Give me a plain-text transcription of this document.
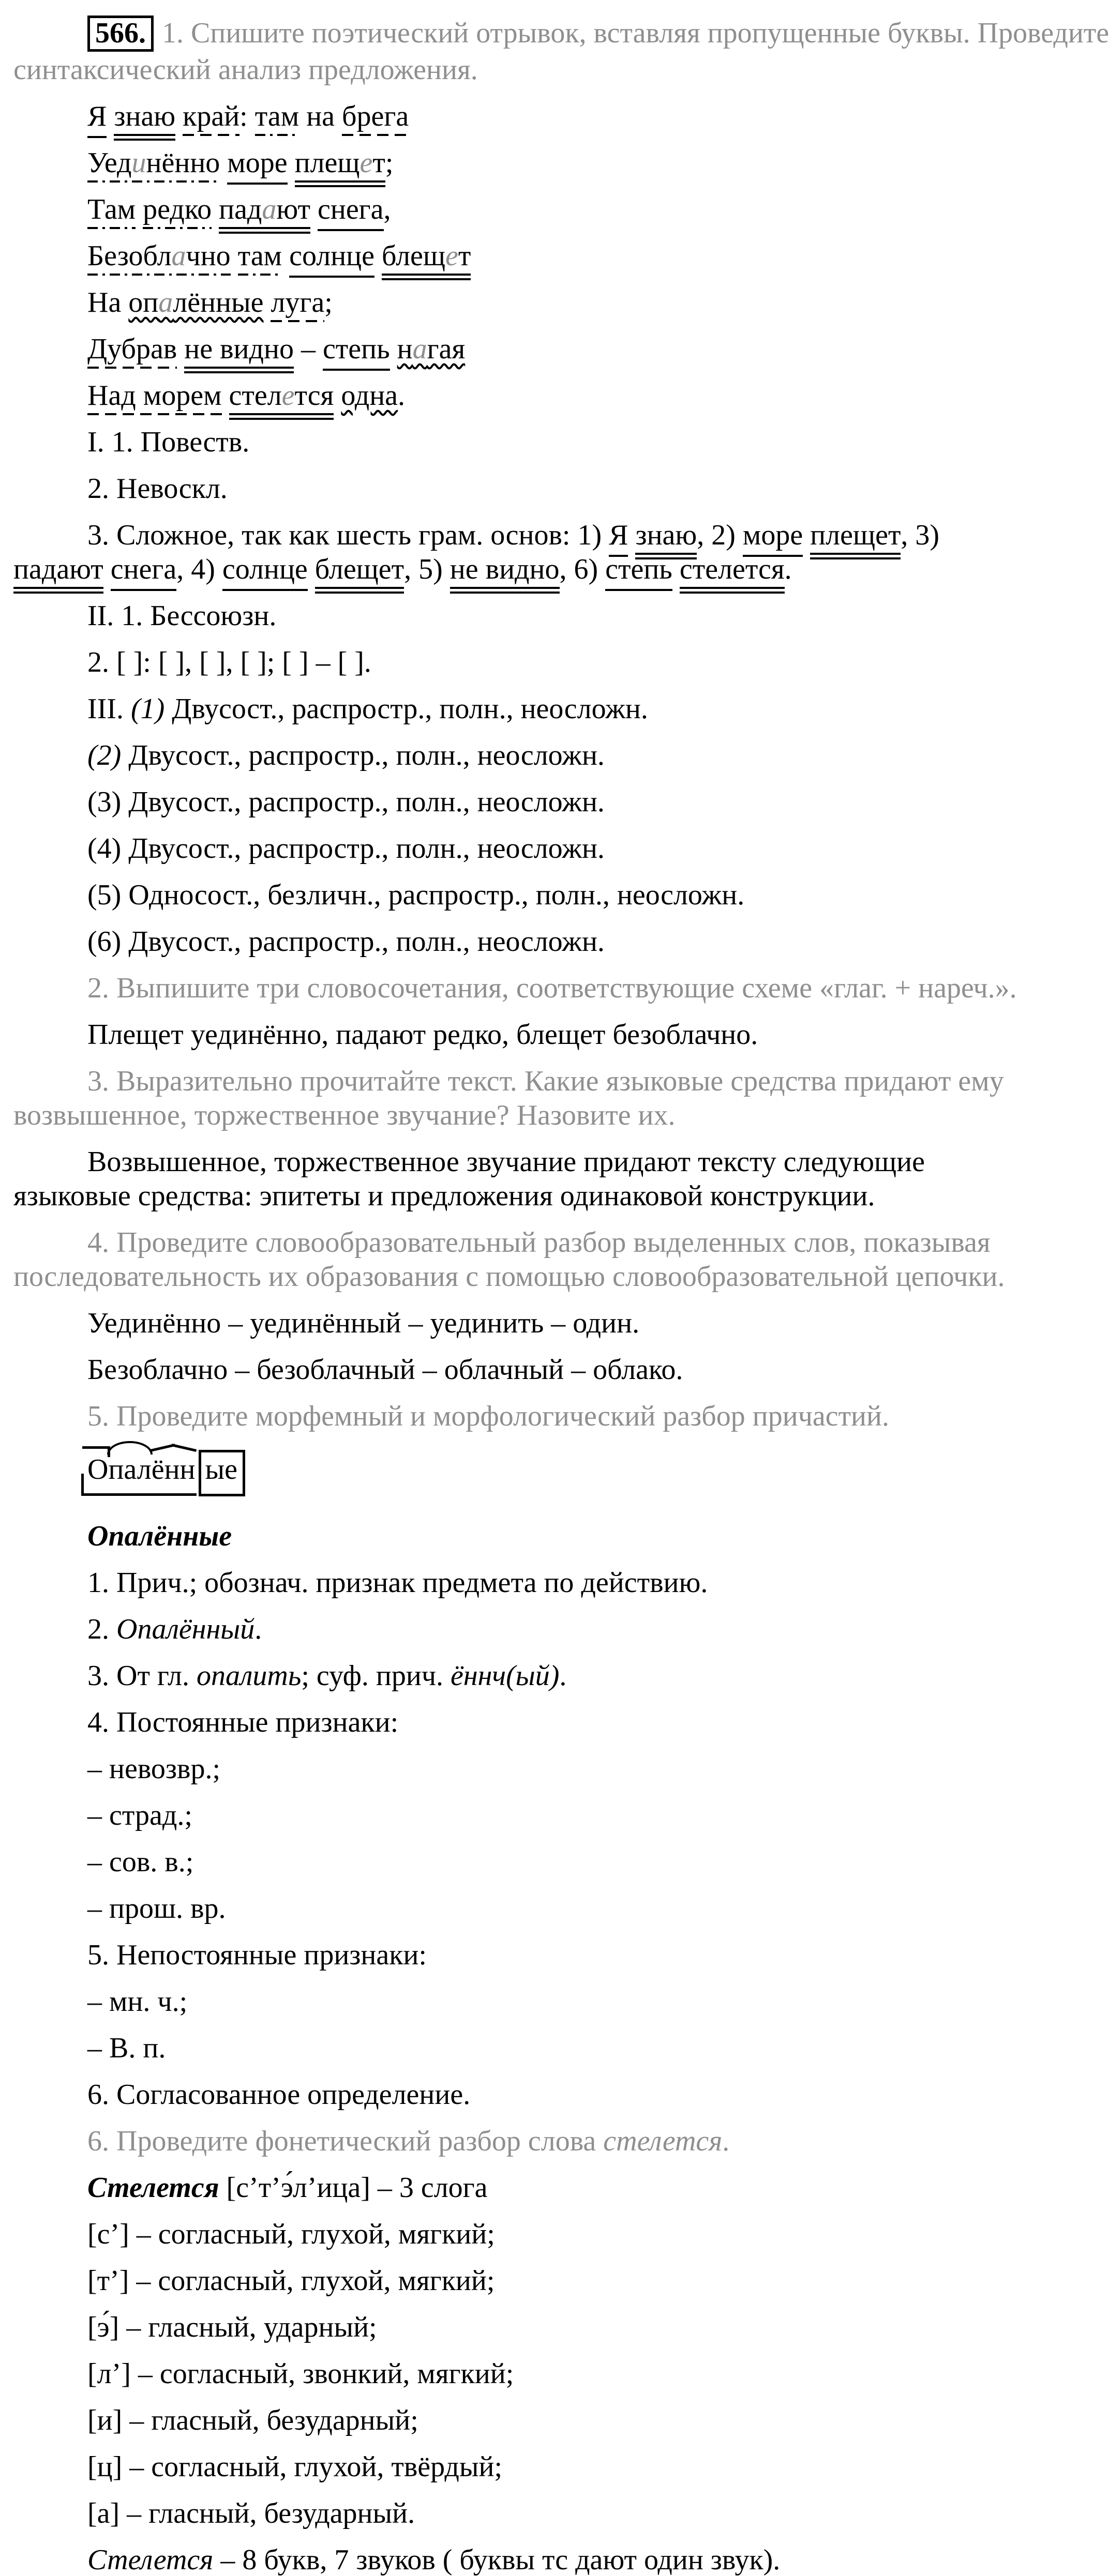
566. 1. Спишите поэтический отрывок, вставляя пропущенные буквы. Проведите
синтаксический анализ предложения.
Я знаю край: там на брега
Уединённо море плещет;
Там редко падают снега,
Безоблачно там солнце блещет
На опалённые луга;
Дубрав не видно – степь нагая
Над морем стелется одна.
I. 1. Повеств.
2. Невоскл.
3. Сложное, так как шесть грам. основ: 1) Я знаю, 2) море плещет, 3)
падают снега, 4) солнце блещет, 5) не видно, 6) степь стелется.
II. 1. Бессоюзн.
2. [ ]: [ ], [ ], [ ]; [ ] – [ ].
III. (1) Двусост., распростр., полн., неосложн.
(2) Двусост., распростр., полн., неосложн.
(3) Двусост., распростр., полн., неосложн.
(4) Двусост., распростр., полн., неосложн.
(5) Односост., безличн., распростр., полн., неосложн.
(6) Двусост., распростр., полн., неосложн.
2. Выпишите три словосочетания, соответствующие схеме «глаг. + нареч.».
Плещет уединённо, падают редко, блещет безоблачно.
3. Выразительно прочитайте текст. Какие языковые средства придают ему
возвышенное, торжественное звучание? Назовите их.
Возвышенное, торжественное звучание придают тексту следующие
языковые средства: эпитеты и предложения одинаковой конструкции.
4. Проведите словообразовательный разбор выделенных слов, показывая
последовательность их образования с помощью словообразовательной цепочки.
Уединённо – уединённый – уединить – один.
Безоблачно – безоблачный – облачный – облако.
5. Проведите морфемный и морфологический разбор причастий.
Опалённ ые
Опалённые
1. Прич.; обознач. признак предмета по действию.
2. Опалённый.
3. От гл. опалить; суф. прич. ённч(ый).
4. Постоянные признаки:
– невозвр.;
– страд.;
– сов. в.;
– прош. вр.
5. Непостоянные признаки:
– мн. ч.;
– В. п.
6. Согласованное определение.
6. Проведите фонетический разбор слова стелется.
Стелется [с’т’э́л’ица] – 3 слога
[с’] – согласный, глухой, мягкий;
[т’] – согласный, глухой, мягкий;
[э́] – гласный, ударный;
[л’] – согласный, звонкий, мягкий;
[и] – гласный, безударный;
[ц] – согласный, глухой, твёрдый;
[а] – гласный, безударный.
Стелется – 8 букв, 7 звуков ( буквы тс дают один звук).
